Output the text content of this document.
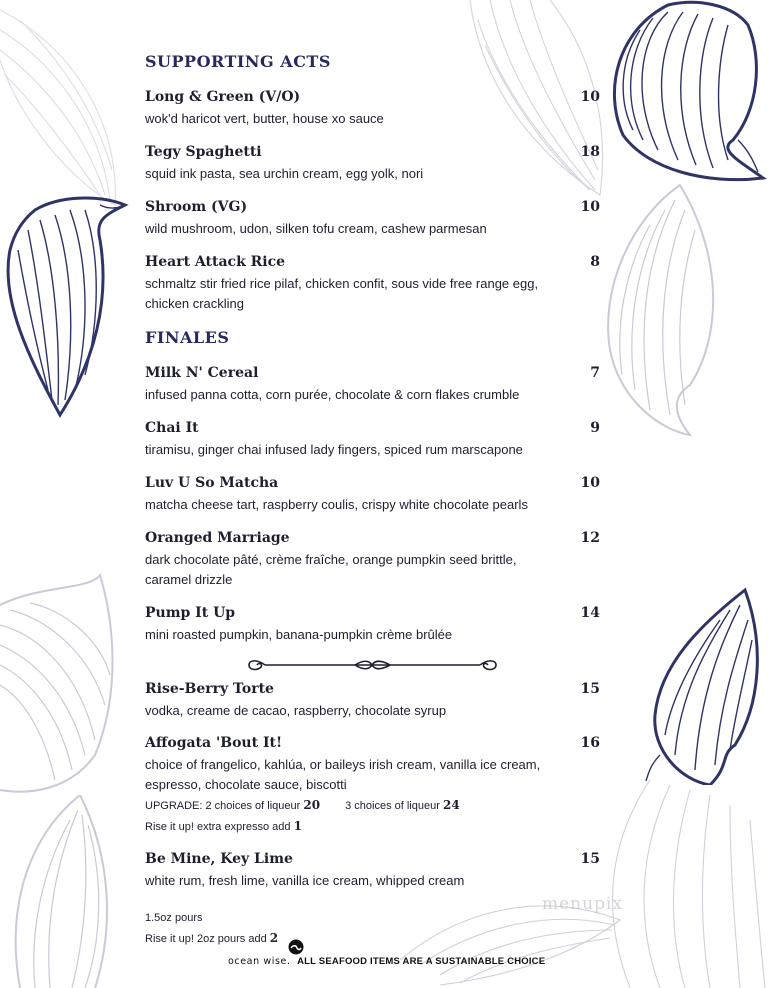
menupix
SUPPORTING ACTS
Long & Green (V/O)	10
wok'd haricot vert, butter, house xo sauce
Tegy Spaghetti	18
squid ink pasta, sea urchin cream, egg yolk, nori
Shroom (VG)	10
wild mushroom, udon, silken tofu cream, cashew parmesan
Heart Attack Rice	8
schmaltz stir fried rice pilaf, chicken confit, sous vide free range egg, chicken crackling
FINALES
Milk N' Cereal	7
infused panna cotta, corn purée, chocolate & corn flakes crumble
Chai It	9
tiramisu, ginger chai infused lady fingers, spiced rum marscapone
Luv U So Matcha	10
matcha cheese tart, raspberry coulis, crispy white chocolate pearls
Oranged Marriage	12
dark chocolate pâté, crème fraîche, orange pumpkin seed brittle, caramel drizzle
Pump It Up	14
mini roasted pumpkin, banana-pumpkin crème brûlée
Rise-Berry Torte	15
vodka, creame de cacao, raspberry, chocolate syrup
Affogata 'Bout It!	16
choice of frangelico, kahlúa, or baileys irish cream, vanilla ice cream, espresso, chocolate sauce, biscotti
UPGRADE: 2 choices of liqueur 20 3 choices of liqueur 24
Rise it up! extra expresso add 1
Be Mine, Key Lime	15
white rum, fresh lime, vanilla ice cream, whipped cream
1.5oz pours
Rise it up! 2oz pours add 2
ocean wise. ALL SEAFOOD ITEMS ARE A SUSTAINABLE CHOICE
